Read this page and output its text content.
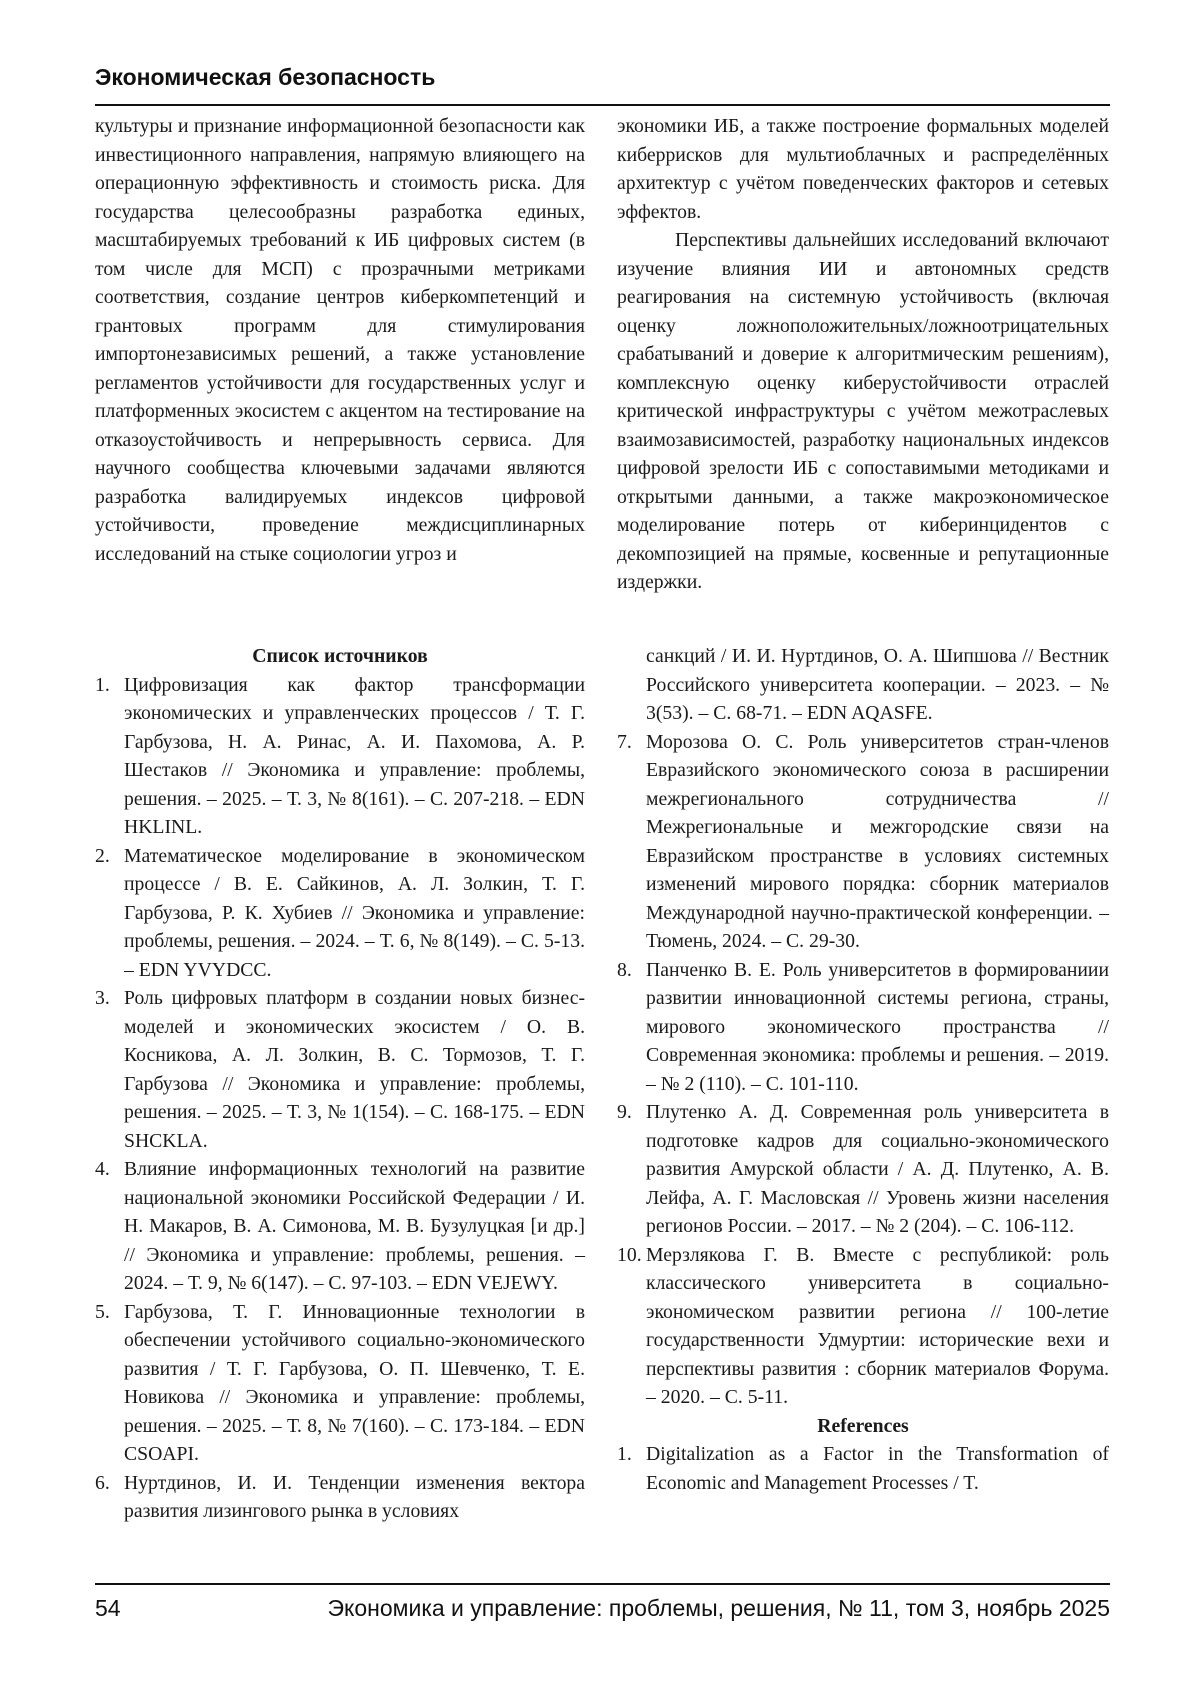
Экономическая безопасность

культуры и признание информационной безопасности как инвестиционного направления, напрямую влияющего на операционную эффективность и стоимость риска. Для государства целесообразны разработка единых, масштабируемых требований к ИБ цифровых систем (в том числе для МСП) с прозрачными метриками соответствия, создание центров киберкомпетенций и грантовых программ для стимулирования импортонезависимых решений, а также установление регламентов устойчивости для государственных услуг и платформенных экосистем с акцентом на тестирование на отказоустойчивость и непрерывность сервиса. Для научного сообщества ключевыми задачами являются разработка валидируемых индексов цифровой устойчивости, проведение междисциплинарных исследований на стыке социологии угроз и

экономики ИБ, а также построение формальных моделей киберрисков для мультиоблачных и распределённых архитектур с учётом поведенческих факторов и сетевых эффектов.

Перспективы дальнейших исследований включают изучение влияния ИИ и автономных средств реагирования на системную устойчивость (включая оценку ложноположительных/ложноотрицательных срабатываний и доверие к алгоритмическим решениям), комплексную оценку киберустойчивости отраслей критической инфраструктуры с учётом межотраслевых взаимозависимостей, разработку национальных индексов цифровой зрелости ИБ с сопоставимыми методиками и открытыми данными, а также макроэкономическое моделирование потерь от киберинцидентов с декомпозицией на прямые, косвенные и репутационные издержки.

Список источников

1. Цифровизация как фактор трансформации экономических и управленческих процессов / Т. Г. Гарбузова, Н. А. Ринас, А. И. Пахомова, А. Р. Шестаков // Экономика и управление: проблемы, решения. – 2025. – Т. 3, № 8(161). – С. 207-218. – EDN HKLINL.
2. Математическое моделирование в экономическом процессе / В. Е. Сайкинов, А. Л. Золкин, Т. Г. Гарбузова, Р. К. Хубиев // Экономика и управление: проблемы, решения. – 2024. – Т. 6, № 8(149). – С. 5-13. – EDN YVYDCC.
3. Роль цифровых платформ в создании новых бизнес-моделей и экономических экосистем / О. В. Косникова, А. Л. Золкин, В. С. Тормозов, Т. Г. Гарбузова // Экономика и управление: проблемы, решения. – 2025. – Т. 3, № 1(154). – С. 168-175. – EDN SHCKLA.
4. Влияние информационных технологий на развитие национальной экономики Российской Федерации / И. Н. Макаров, В. А. Симонова, М. В. Бузулуцкая [и др.] // Экономика и управление: проблемы, решения. – 2024. – Т. 9, № 6(147). – С. 97-103. – EDN VEJEWY.
5. Гарбузова, Т. Г. Инновационные технологии в обеспечении устойчивого социально-экономического развития / Т. Г. Гарбузова, О. П. Шевченко, Т. Е. Новикова // Экономика и управление: проблемы, решения. – 2025. – Т. 8, № 7(160). – С. 173-184. – EDN CSOAPI.
6. Нуртдинов, И. И. Тенденции изменения вектора развития лизингового рынка в условиях

санкций / И. И. Нуртдинов, О. А. Шипшова // Вестник Российского университета кооперации. – 2023. – № 3(53). – С. 68-71. – EDN AQASFE.

7. Морозова О. С. Роль университетов стран-членов Евразийского экономического союза в расширении межрегионального сотрудничества // Межрегиональные и межгородские связи на Евразийском пространстве в условиях системных изменений мирового порядка: сборник материалов Международной научно-практической конференции. – Тюмень, 2024. – С. 29-30.
8. Панченко В. Е. Роль университетов в формированиии развитии инновационной системы региона, страны, мирового экономического пространства // Современная экономика: проблемы и решения. – 2019. – № 2 (110). – С. 101-110.
9. Плутенко А. Д. Современная роль университета в подготовке кадров для социально-экономического развития Амурской области / А. Д. Плутенко, А. В. Лейфа, А. Г. Масловская // Уровень жизни населения регионов России. – 2017. – № 2 (204). – С. 106-112.
10. Мерзлякова Г. В. Вместе с республикой: роль классического университета в социально-экономическом развитии региона // 100-летие государственности Удмуртии: исторические вехи и перспективы развития : сборник материалов Форума. – 2020. – С. 5-11.

References

1. Digitalization as a Factor in the Transformation of Economic and Management Processes / T.
54	Экономика и управление: проблемы, решения, № 11, том 3, ноябрь 2025
